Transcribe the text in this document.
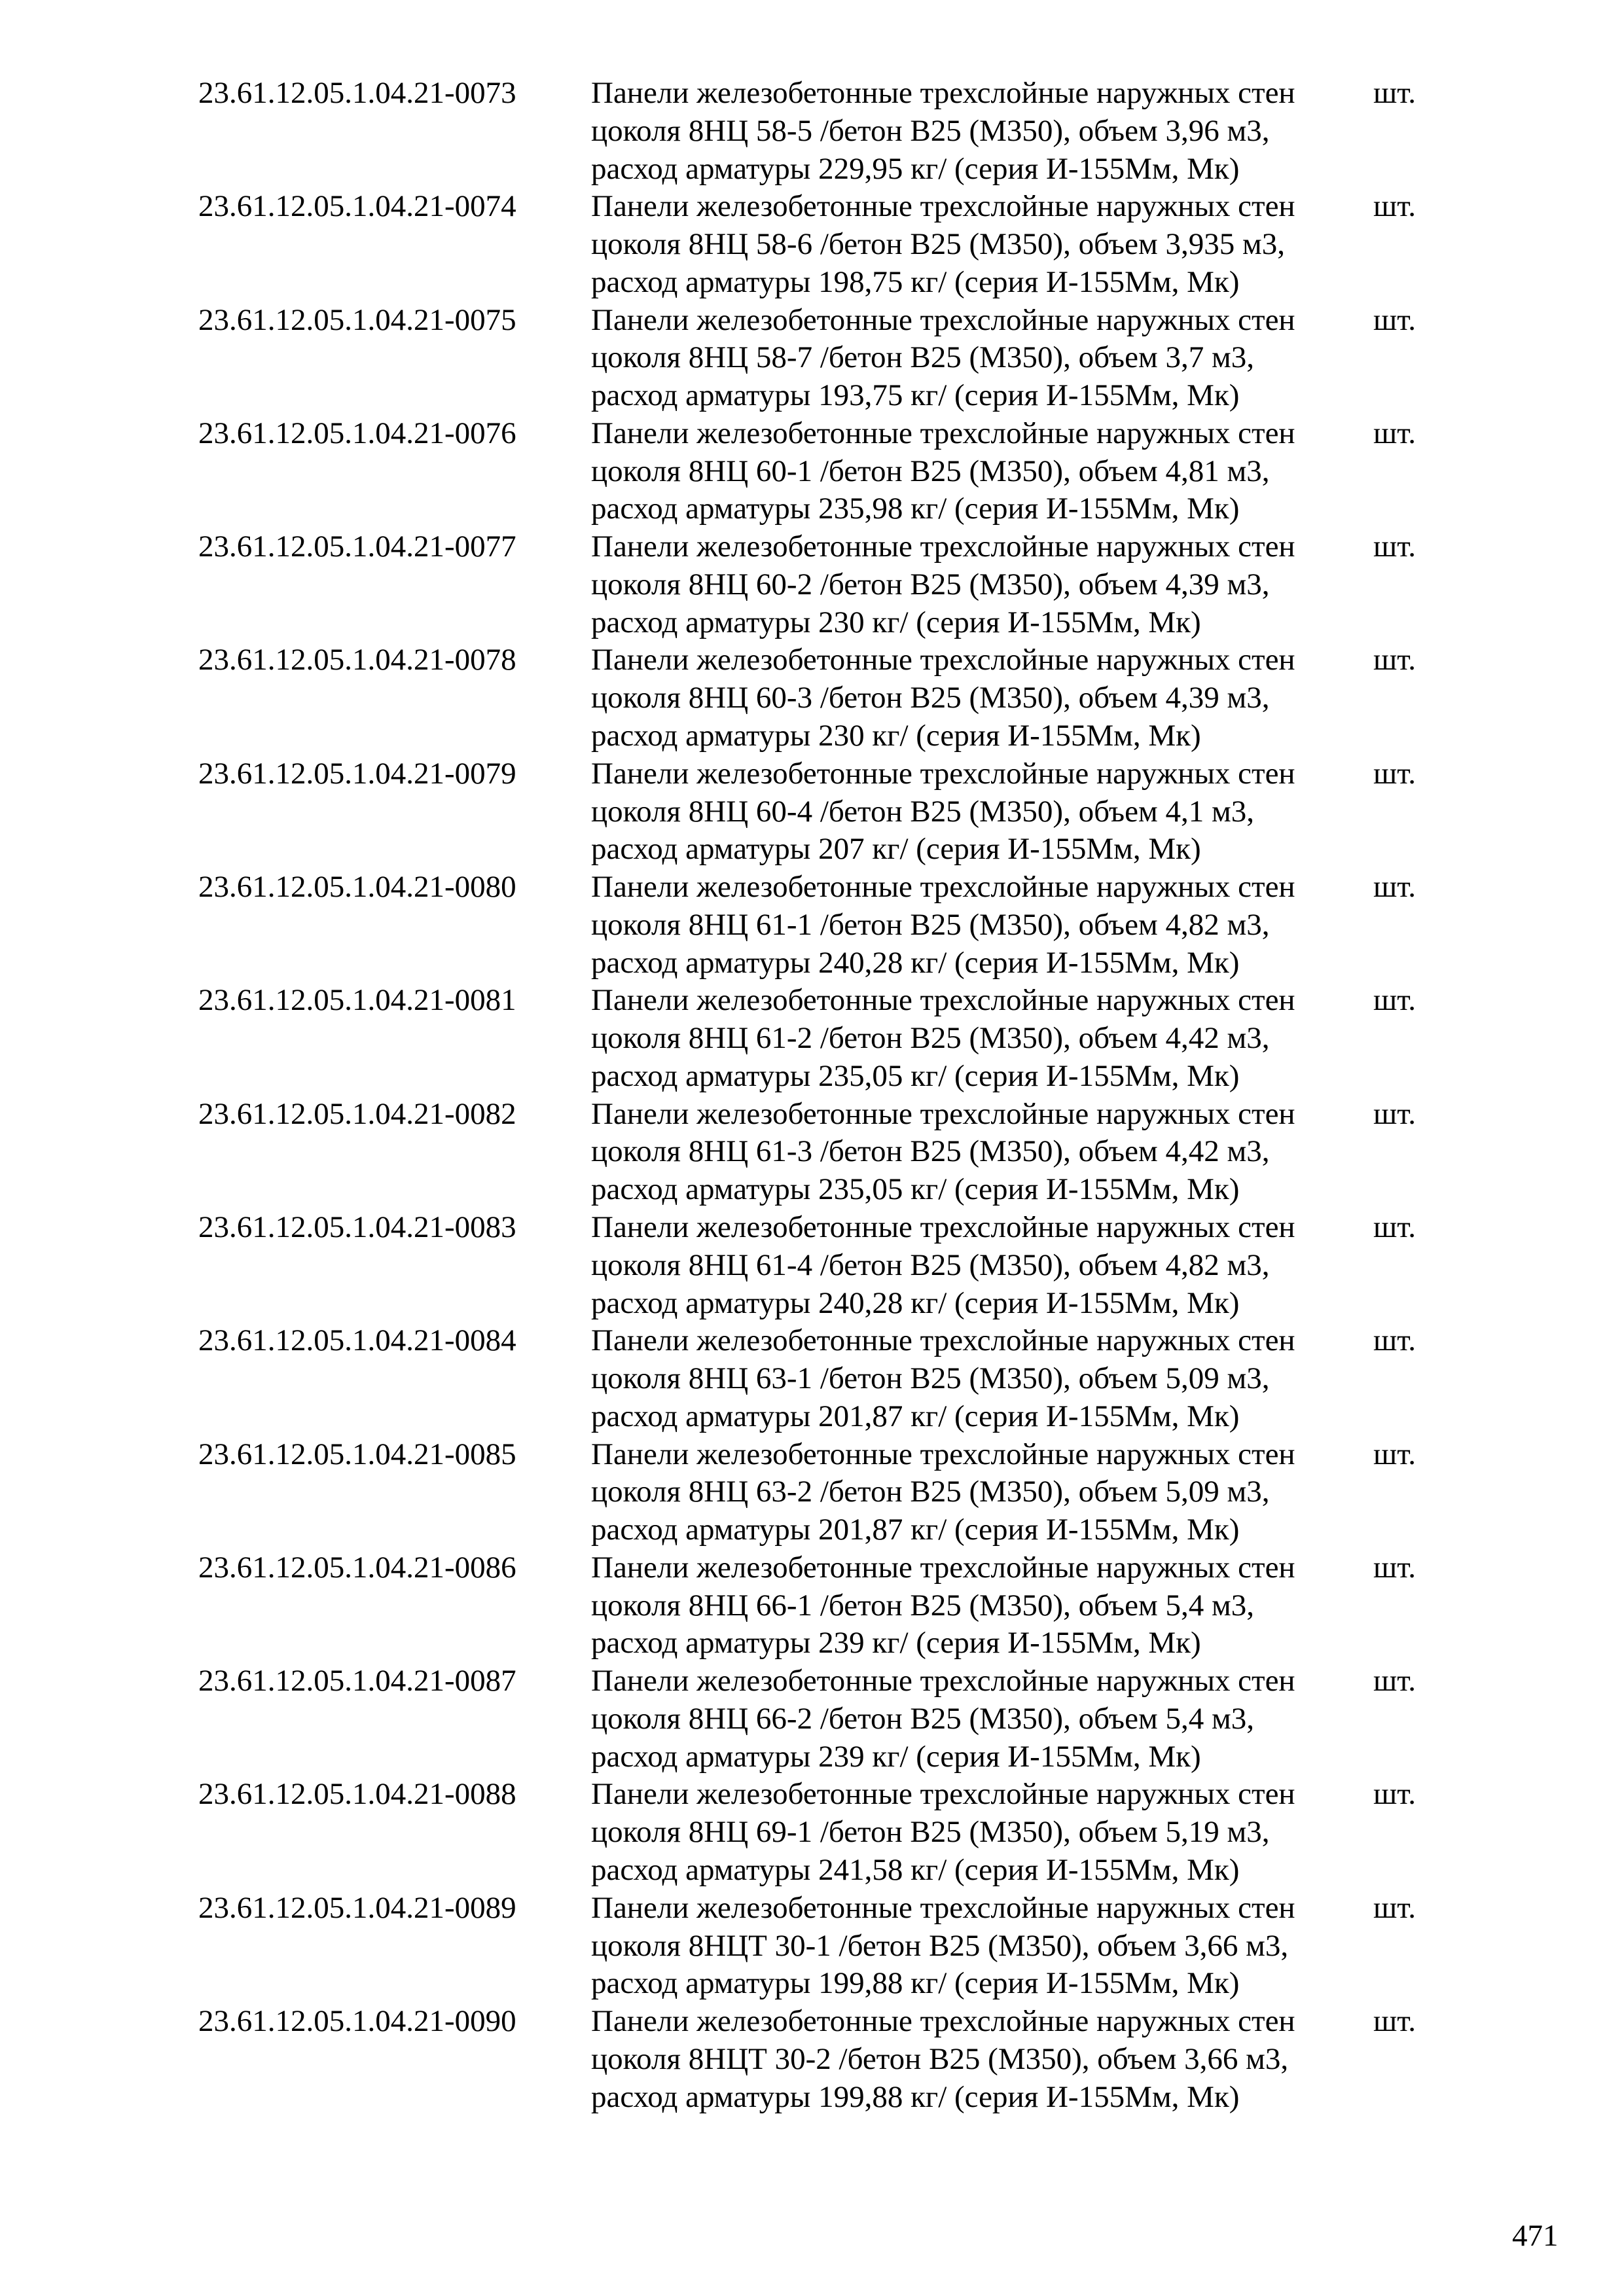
23.61.12.05.1.04.21-0073 Панели железобетонные трехслойные наружных стен
цоколя 8НЦ 58-5 /бетон В25 (М350), объем 3,96 м3,
расход арматуры 229,95 кг/ (серия И-155Мм, Мк)
шт.
23.61.12.05.1.04.21-0074 Панели железобетонные трехслойные наружных стен
цоколя 8НЦ 58-6 /бетон В25 (М350), объем 3,935 м3,
расход арматуры 198,75 кг/ (серия И-155Мм, Мк)
шт.
23.61.12.05.1.04.21-0075 Панели железобетонные трехслойные наружных стен
цоколя 8НЦ 58-7 /бетон В25 (М350), объем 3,7 м3,
расход арматуры 193,75 кг/ (серия И-155Мм, Мк)
шт.
23.61.12.05.1.04.21-0076 Панели железобетонные трехслойные наружных стен
цоколя 8НЦ 60-1 /бетон В25 (М350), объем 4,81 м3,
расход арматуры 235,98 кг/ (серия И-155Мм, Мк)
шт.
23.61.12.05.1.04.21-0077 Панели железобетонные трехслойные наружных стен
цоколя 8НЦ 60-2 /бетон В25 (М350), объем 4,39 м3,
расход арматуры 230 кг/ (серия И-155Мм, Мк)
шт.
23.61.12.05.1.04.21-0078 Панели железобетонные трехслойные наружных стен
цоколя 8НЦ 60-3 /бетон В25 (М350), объем 4,39 м3,
расход арматуры 230 кг/ (серия И-155Мм, Мк)
шт.
23.61.12.05.1.04.21-0079 Панели железобетонные трехслойные наружных стен
цоколя 8НЦ 60-4 /бетон В25 (М350), объем 4,1 м3,
расход арматуры 207 кг/ (серия И-155Мм, Мк)
шт.
23.61.12.05.1.04.21-0080 Панели железобетонные трехслойные наружных стен
цоколя 8НЦ 61-1 /бетон В25 (М350), объем 4,82 м3,
расход арматуры 240,28 кг/ (серия И-155Мм, Мк)
шт.
23.61.12.05.1.04.21-0081 Панели железобетонные трехслойные наружных стен
цоколя 8НЦ 61-2 /бетон В25 (М350), объем 4,42 м3,
расход арматуры 235,05 кг/ (серия И-155Мм, Мк)
шт.
23.61.12.05.1.04.21-0082 Панели железобетонные трехслойные наружных стен
цоколя 8НЦ 61-3 /бетон В25 (М350), объем 4,42 м3,
расход арматуры 235,05 кг/ (серия И-155Мм, Мк)
шт.
23.61.12.05.1.04.21-0083 Панели железобетонные трехслойные наружных стен
цоколя 8НЦ 61-4 /бетон В25 (М350), объем 4,82 м3,
расход арматуры 240,28 кг/ (серия И-155Мм, Мк)
шт.
23.61.12.05.1.04.21-0084 Панели железобетонные трехслойные наружных стен
цоколя 8НЦ 63-1 /бетон В25 (М350), объем 5,09 м3,
расход арматуры 201,87 кг/ (серия И-155Мм, Мк)
шт.
23.61.12.05.1.04.21-0085 Панели железобетонные трехслойные наружных стен
цоколя 8НЦ 63-2 /бетон В25 (М350), объем 5,09 м3,
расход арматуры 201,87 кг/ (серия И-155Мм, Мк)
шт.
23.61.12.05.1.04.21-0086 Панели железобетонные трехслойные наружных стен
цоколя 8НЦ 66-1 /бетон В25 (М350), объем 5,4 м3,
расход арматуры 239 кг/ (серия И-155Мм, Мк)
шт.
23.61.12.05.1.04.21-0087 Панели железобетонные трехслойные наружных стен
цоколя 8НЦ 66-2 /бетон В25 (М350), объем 5,4 м3,
расход арматуры 239 кг/ (серия И-155Мм, Мк)
шт.
23.61.12.05.1.04.21-0088 Панели железобетонные трехслойные наружных стен
цоколя 8НЦ 69-1 /бетон В25 (М350), объем 5,19 м3,
расход арматуры 241,58 кг/ (серия И-155Мм, Мк)
шт.
23.61.12.05.1.04.21-0089 Панели железобетонные трехслойные наружных стен
цоколя 8НЦТ 30-1 /бетон В25 (М350), объем 3,66 м3,
расход арматуры 199,88 кг/ (серия И-155Мм, Мк)
шт.
23.61.12.05.1.04.21-0090 Панели железобетонные трехслойные наружных стен
цоколя 8НЦТ 30-2 /бетон В25 (М350), объем 3,66 м3,
расход арматуры 199,88 кг/ (серия И-155Мм, Мк)
шт.
471
